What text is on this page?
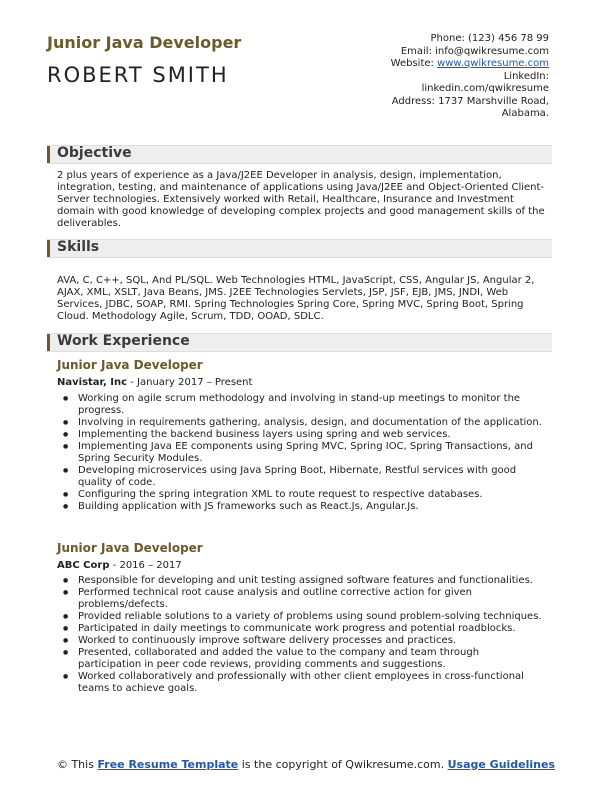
Junior Java Developer
ROBERT SMITH
Phone: (123) 456 78 99
Email: info@qwikresume.com
Website: www.qwikresume.com
LinkedIn:
linkedin.com/qwikresume
Address: 1737 Marshville Road,
Alabama.
Objective
2 plus years of experience as a Java/J2EE Developer in analysis, design, implementation, integration, testing, and maintenance of applications using Java/J2EE and Object-Oriented Client-Server technologies. Extensively worked with Retail, Healthcare, Insurance and Investment domain with good knowledge of developing complex projects and good management skills of the deliverables.
Skills
AVA, C, C++, SQL, And PL/SQL. Web Technologies HTML, JavaScript, CSS, Angular JS, Angular 2, AJAX, XML, XSLT, Java Beans, JMS. J2EE Technologies Servlets, JSP, JSF, EJB, JMS, JNDI, Web Services, JDBC, SOAP, RMI. Spring Technologies Spring Core, Spring MVC, Spring Boot, Spring Cloud. Methodology Agile, Scrum, TDD, OOAD, SDLC.
Work Experience
Junior Java Developer
Navistar, Inc - January 2017 – Present
● Working on agile scrum methodology and involving in stand-up meetings to monitor the progress.
● Involving in requirements gathering, analysis, design, and documentation of the application.
● Implementing the backend business layers using spring and web services.
● Implementing Java EE components using Spring MVC, Spring IOC, Spring Transactions, and Spring Security Modules.
● Developing microservices using Java Spring Boot, Hibernate, Restful services with good quality of code.
● Configuring the spring integration XML to route request to respective databases.
● Building application with JS frameworks such as React.Js, Angular.Js.
Junior Java Developer
ABC Corp - 2016 – 2017
● Responsible for developing and unit testing assigned software features and functionalities.
● Performed technical root cause analysis and outline corrective action for given problems/defects.
● Provided reliable solutions to a variety of problems using sound problem-solving techniques.
● Participated in daily meetings to communicate work progress and potential roadblocks.
● Worked to continuously improve software delivery processes and practices.
● Presented, collaborated and added the value to the company and team through participation in peer code reviews, providing comments and suggestions.
● Worked collaboratively and professionally with other client employees in cross-functional teams to achieve goals.
© This Free Resume Template is the copyright of Qwikresume.com. Usage Guidelines
